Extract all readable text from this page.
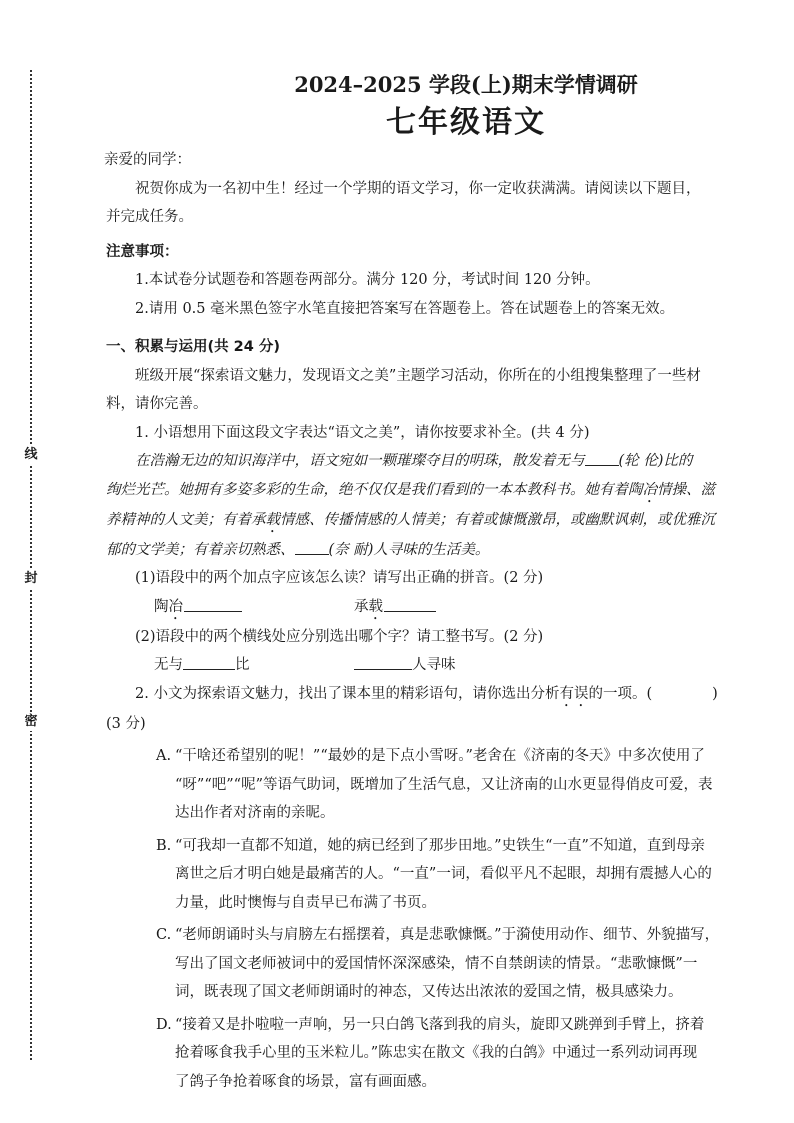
线
封
密
2024–2025 学段(上)期末学情调研
七年级语文

亲爱的同学：

祝贺你成为一名初中生！经过一个学期的语文学习，你一定收获满满。请阅读以下题目，

并完成任务。

注意事项：

1.本试卷分试题卷和答题卷两部分。满分 120 分，考试时间 120 分钟。

2.请用 0.5 毫米黑色签字水笔直接把答案写在答题卷上。答在试题卷上的答案无效。

一、积累与运用(共 24 分)

班级开展“探索语文魅力，发现语文之美”主题学习活动，你所在的小组搜集整理了一些材

料，请你完善。

1. 小语想用下面这段文字表达“语文之美”，请你按要求补全。(共 4 分)

在浩瀚无边的知识海洋中，语文宛如一颗璀璨夺目的明珠，散发着无与 (轮 伦)比的

绚烂光芒。她拥有多姿多彩的生命，绝不仅仅是我们看到的一本本教科书。她有着陶冶情操、滋

养精神的人文美；有着承载情感、传播情感的人情美；有着或慷慨激昂，或幽默讽刺，或优雅沉

郁的文学美；有着亲切熟悉、 (奈 耐)人寻味的生活美。

(1)语段中的两个加点字应该怎么读？请写出正确的拼音。(2 分)

陶冶	承载

(2)语段中的两个横线处应分别选出哪个字？请工整书写。(2 分)

无与	比	人寻味

2. 小文为探索语文魅力，找出了课本里的精彩语句，请你选出分析有误的一项。(	)

(3 分)

A. “干啥还希望别的呢！”“最妙的是下点小雪呀。”老舍在《济南的冬天》中多次使用了
“呀”“吧”“呢”等语气助词，既增加了生活气息，又让济南的山水更显得俏皮可爱，表
达出作者对济南的亲昵。
B. “可我却一直都不知道，她的病已经到了那步田地。”史铁生“一直”不知道，直到母亲
离世之后才明白她是最痛苦的人。“一直”一词，看似平凡不起眼，却拥有震撼人心的
力量，此时懊悔与自责早已布满了书页。
C. “老师朗诵时头与肩膀左右摇摆着，真是悲歌慷慨。”于漪使用动作、细节、外貌描写，
写出了国文老师被词中的爱国情怀深深感染，情不自禁朗读的情景。“悲歌慷慨”一
词，既表现了国文老师朗诵时的神态，又传达出浓浓的爱国之情，极具感染力。
D. “接着又是扑啦啦一声响，另一只白鸽飞落到我的肩头，旋即又跳弹到手臂上，挤着
抢着啄食我手心里的玉米粒儿。”陈忠实在散文《我的白鸽》中通过一系列动词再现
了鸽子争抢着啄食的场景，富有画面感。
